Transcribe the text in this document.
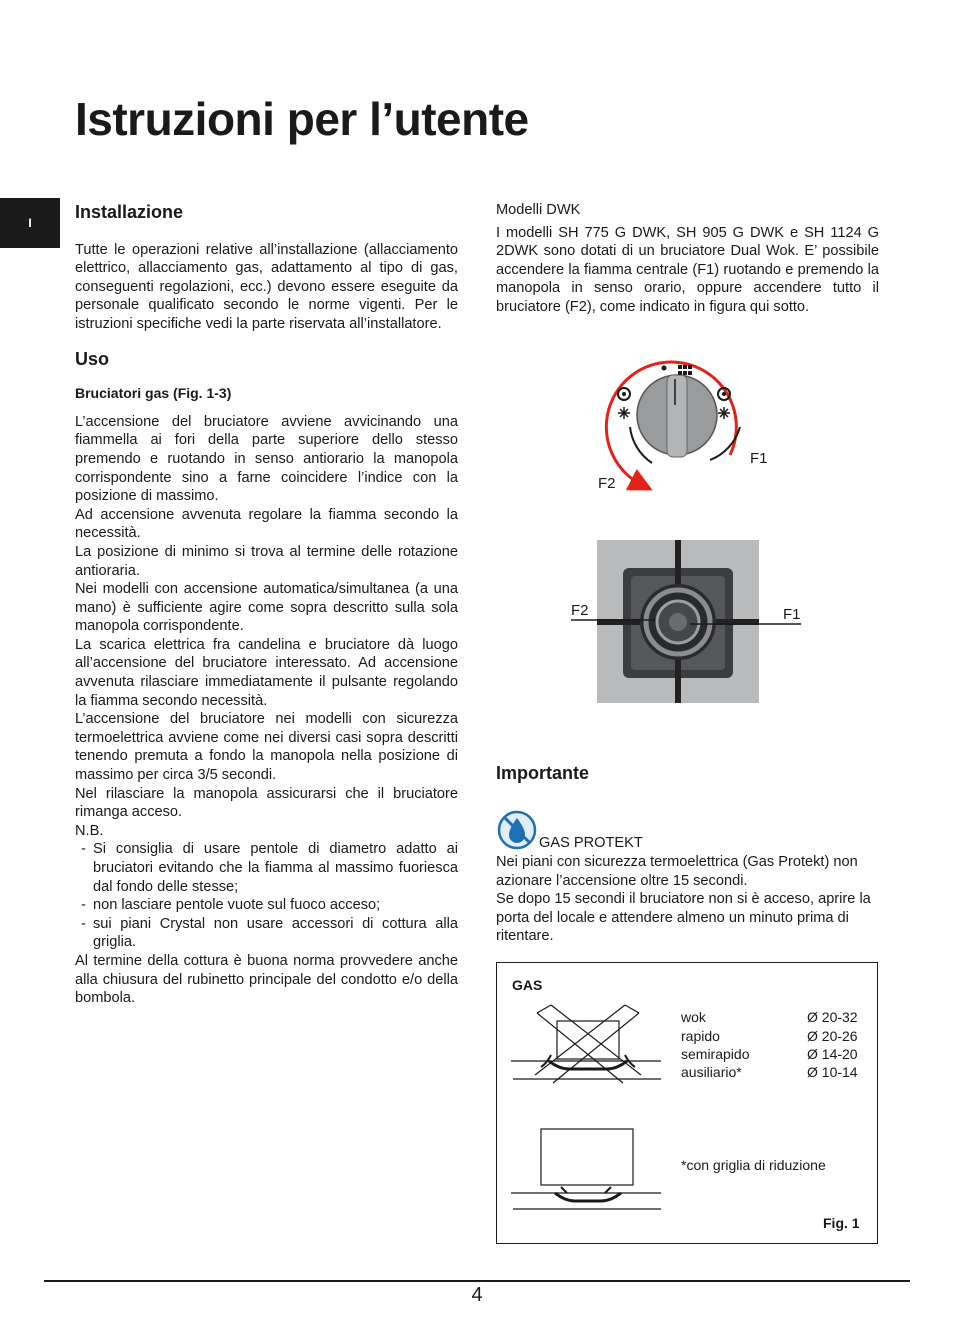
Istruzioni per l’utente
I
Installazione

Tutte le operazioni relative all’installazione (allacciamento elettrico, allacciamento gas, adattamento al tipo di gas, conseguenti regolazioni, ecc.) devono essere eseguite da personale qualificato secondo le norme vigenti. Per le istruzioni specifiche vedi la parte riservata all’installatore.

Uso
Bruciatori gas (Fig. 1-3)

L’accensione del bruciatore avviene avvicinando una fiammella ai fori della parte superiore dello stesso premendo e ruotando in senso antiorario la manopola corrispondente sino a farne coincidere l’indice con la posizione di massimo.

Ad accensione avvenuta regolare la fiamma secondo la necessità.

La posizione di minimo si trova al termine delle rotazione antioraria.

Nei modelli con accensione automatica/simultanea (a una mano) è sufficiente agire come sopra descritto sulla sola manopola corrispondente.

La scarica elettrica fra candelina e bruciatore dà luogo all’accensione del bruciatore interessato. Ad accensione avvenuta rilasciare immediatamente il pulsante regolando la fiamma secondo necessità.

L’accensione del bruciatore nei modelli con sicurezza termoelettrica avviene come nei diversi casi sopra descritti tenendo premuta a fondo la manopola nella posizione di massimo per circa 3/5 secondi.

Nel rilasciare la manopola assicurarsi che il bruciatore rimanga acceso.

N.B.

- Si consiglia di usare pentole di diametro adatto ai bruciatori evitando che la fiamma al massimo fuoriesca dal fondo delle stesse;
- non lasciare pentole vuote sul fuoco acceso;
- sui piani Crystal non usare accessori di cottura alla griglia.

Al termine della cottura è buona norma provvedere anche alla chiusura del rubinetto principale del condotto e/o della bombola.

Modelli DWK

I modelli SH 775 G DWK, SH 905 G DWK e SH 1124 G 2DWK sono dotati di un bruciatore Dual Wok. E’ possibile accendere la fiamma centrale (F1) ruotando e premendo la manopola in senso orario, oppure accendere tutto il bruciatore (F2), come indicato in figura qui sotto.

F1
F2
F2	F1
Importante
GAS PROTEKT

Nei piani con sicurezza termoelettrica (Gas Protekt) non azionare l’accensione oltre 15 secondi.

Se dopo 15 secondi il bruciatore non si è acceso, aprire la porta del locale e attendere almeno un minuto prima di ritentare.

GAS
wok	Ø 20-32
rapido	Ø 20-26
semirapido	Ø 14-20
ausiliario*	Ø 10-14
*con griglia di riduzione
Fig. 1
4
